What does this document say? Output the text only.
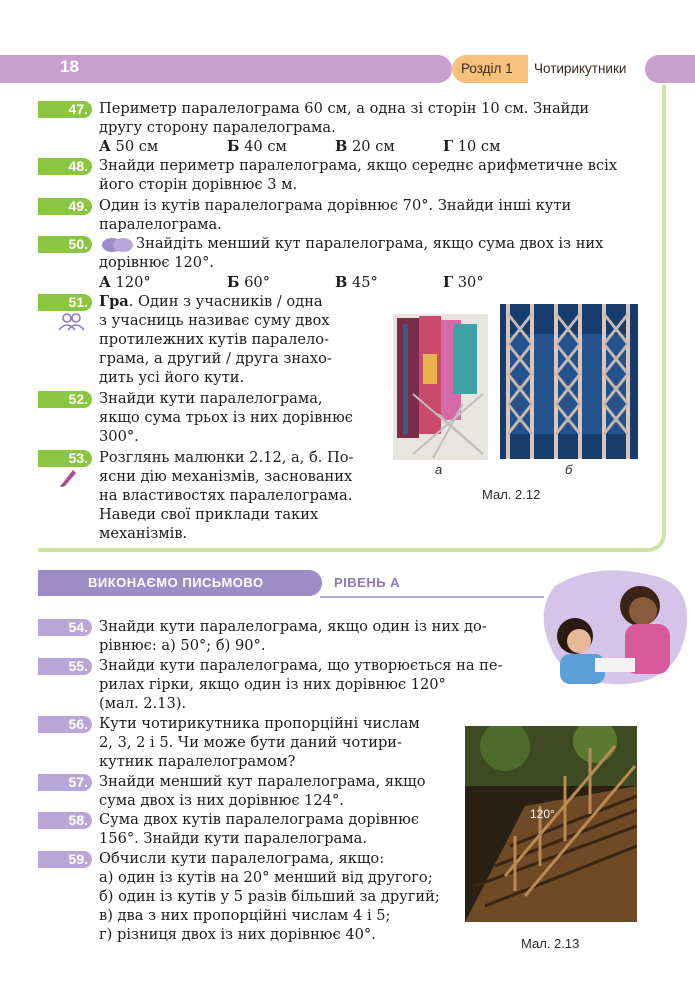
18	Розділ 1 Чотирикутники
47. Периметр паралелограма 60 см, а одна зі сторін 10 см. Знайди
другу сторону паралелограма.
А 50 см	Б 40 см	В 20 см	Г 10 см
48. Знайди периметр паралелограма, якщо середнє арифметичне всіх
його сторін дорівнює 3 м.
49. Один із кутів паралелограма дорівнює 70°. Знайди інші кути
паралелограма.
50.	Знайдіть менший кут паралелограма, якщо сума двох із них
дорівнює 120°.
А 120°	Б 60°	В 45°	Г 30°
51. Гра. Один з учасників / одна
з учасниць називає суму двох
протилежних кутів паралело-
грама, а другий / друга знахо-
дить усі його кути.
52. Знайди кути паралелограма,
якщо сума трьох із них дорівнює
300°.
53. Розглянь малюнки 2.12, а, б. По-
ясни дію механізмів, заснованих
на властивостях паралелограма.
Наведи свої приклади таких
механізмів.
а	б
Мал. 2.12
ВИКОНАЄМО ПИСЬМОВО	РІВЕНЬ А
54. Знайди кути паралелограма, якщо один із них до-
рівнює: а) 50°; б) 90°.
55. Знайди кути паралелограма, що утворюється на пе-
рилах гірки, якщо один із них дорівнює 120°
(мал. 2.13).
56. Кути чотирикутника пропорційні числам
2, 3, 2 і 5. Чи може бути даний чотири-
кутник паралелограмом?
57. Знайди менший кут паралелограма, якщо
сума двох із них дорівнює 124°.
58. Сума двох кутів паралелограма дорівнює
156°. Знайди кути паралелограма.
59. Обчисли кути паралелограма, якщо:
а) один із кутів на 20° менший від другого;
б) один із кутів у 5 разів більший за другий;
в) два з них пропорційні числам 4 і 5;
г) різниця двох із них дорівнює 40°.
120°
Мал. 2.13
